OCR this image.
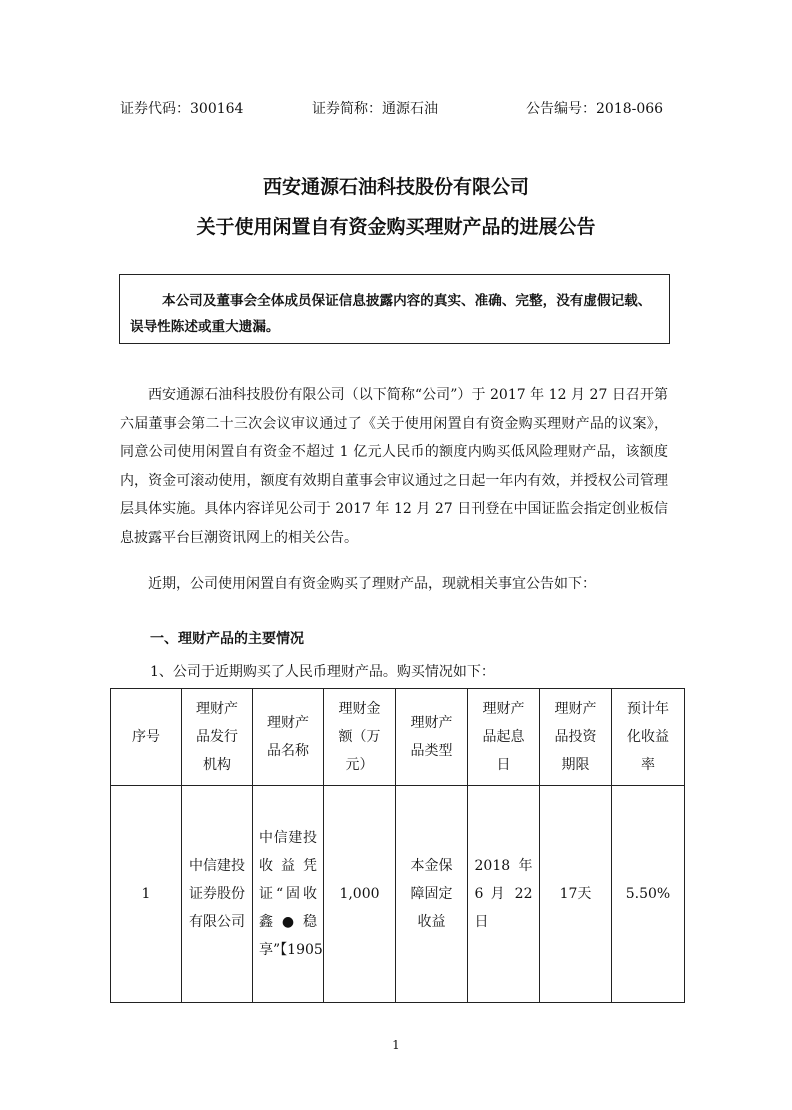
证券代码：300164	证券简称：通源石油	公告编号：2018-066
西安通源石油科技股份有限公司
关于使用闲置自有资金购买理财产品的进展公告

本公司及董事会全体成员保证信息披露内容的真实、准确、完整，没有虚假记载、误导性陈述或重大遗漏。

西安通源石油科技股份有限公司（以下简称“公司”）于 2017 年 12 月 27 日召开第六届董事会第二十三次会议审议通过了《关于使用闲置自有资金购买理财产品的议案》，同意公司使用闲置自有资金不超过 1 亿元人民币的额度内购买低风险理财产品，该额度内，资金可滚动使用，额度有效期自董事会审议通过之日起一年内有效，并授权公司管理层具体实施。具体内容详见公司于 2017 年 12 月 27 日刊登在中国证监会指定创业板信息披露平台巨潮资讯网上的相关公告。

近期，公司使用闲置自有资金购买了理财产品，现就相关事宜公告如下：

一、理财产品的主要情况

1、公司于近期购买了人民币理财产品。购买情况如下：

序号	理财产品发行机构	理财产品名称	理财金额（万元）	理财产品类型	理财产品起息日	理财产品投资期限	预计年化收益率
1	中信建投证券股份有限公司	中信建投收益凭证“固收鑫●稳享”【1905	1,000	本金保障固定收益	2018 年 6 月 22 日	17天	5.50%
1
